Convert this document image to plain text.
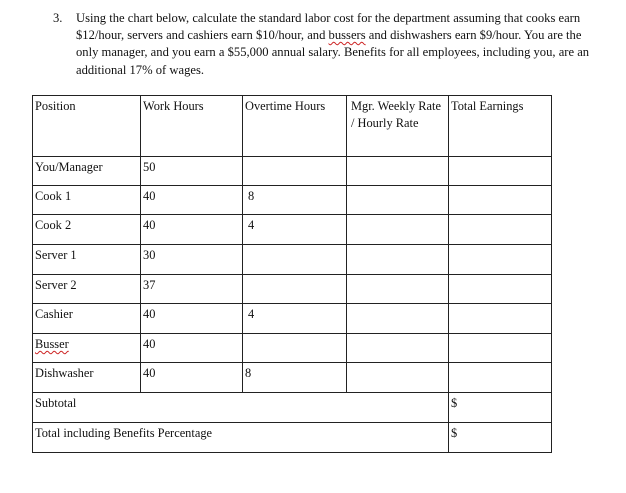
3. Using the chart below, calculate the standard labor cost for the department assuming that cooks earn $12/hour, servers and cashiers earn $10/hour, and bussers and dishwashers earn $9/hour. You are the only manager, and you earn a $55,000 annual salary. Benefits for all employees, including you, are an additional 17% of wages.
Position	Work Hours	Overtime Hours	Mgr. Weekly Rate / Hourly Rate	Total Earnings
You/Manager	50			
Cook 1	40	8		
Cook 2	40	4		
Server 1	30			
Server 2	37			
Cashier	40	4		
Busser	40			
Dishwasher	40	8		
Subtotal				$
Total including Benefits Percentage				$
